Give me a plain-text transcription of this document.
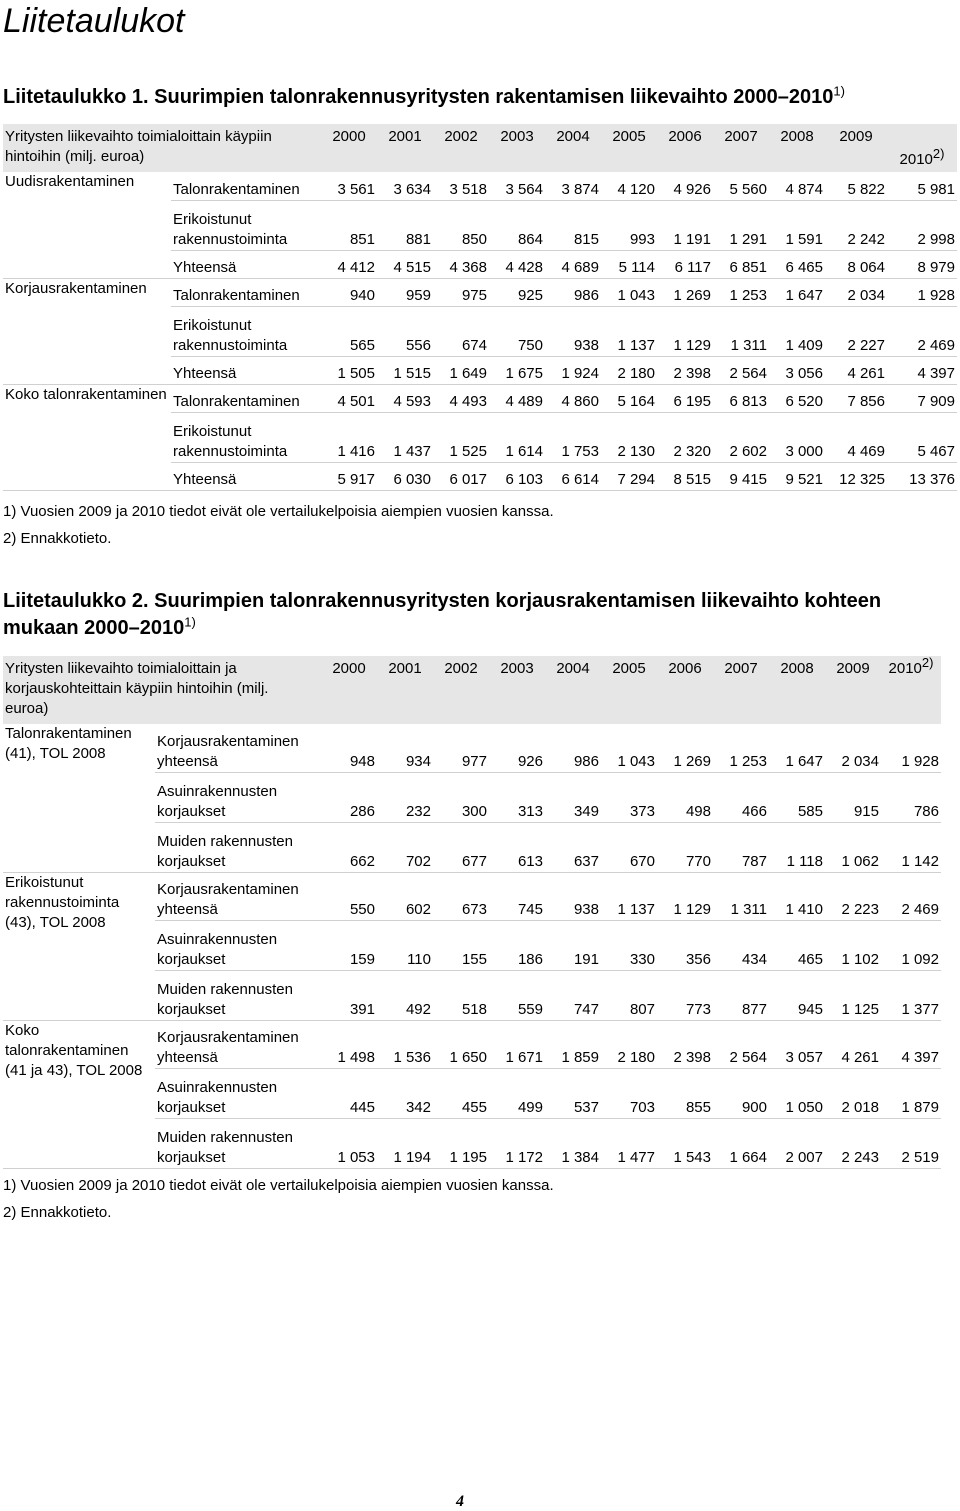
Liitetaulukot
Liitetaulukko 1. Suurimpien talonrakennusyritysten rakentamisen liikevaihto 2000–2010$^{1)}$
Yritysten liikevaihto toimialoittain käypiin hintoihin (milj. euroa)		2000	2001	2002	2003	2004	2005	2006	2007	2008	2009	20102)
Uudisrakentaminen	Talonrakentaminen	3 561	3 634	3 518	3 564	3 874	4 120	4 926	5 560	4 874	5 822	5 981
	Erikoistunut rakennustoiminta	851	881	850	864	815	993	1 191	1 291	1 591	2 242	2 998
	Yhteensä	4 412	4 515	4 368	4 428	4 689	5 114	6 117	6 851	6 465	8 064	8 979
Korjausrakentaminen	Talonrakentaminen	940	959	975	925	986	1 043	1 269	1 253	1 647	2 034	1 928
	Erikoistunut rakennustoiminta	565	556	674	750	938	1 137	1 129	1 311	1 409	2 227	2 469
	Yhteensä	1 505	1 515	1 649	1 675	1 924	2 180	2 398	2 564	3 056	4 261	4 397
Koko talonrakentaminen	Talonrakentaminen	4 501	4 593	4 493	4 489	4 860	5 164	6 195	6 813	6 520	7 856	7 909
	Erikoistunut rakennustoiminta	1 416	1 437	1 525	1 614	1 753	2 130	2 320	2 602	3 000	4 469	5 467
	Yhteensä	5 917	6 030	6 017	6 103	6 614	7 294	8 515	9 415	9 521	12 325	13 376

1) Vuosien 2009 ja 2010 tiedot eivät ole vertailukelpoisia aiempien vuosien kanssa.

2) Ennakkotieto.

Liitetaulukko 2. Suurimpien talonrakennusyritysten korjausrakentamisen liikevaihto kohteen
mukaan 2000–2010$^{1)}$
Yritysten liikevaihto toimialoittain ja korjauskohteittain käypiin hintoihin (milj. euroa)		2000	2001	2002	2003	2004	2005	2006	2007	2008	2009	20102)
Talonrakentaminen (41), TOL 2008	Korjausrakentaminen yhteensä	948	934	977	926	986	1 043	1 269	1 253	1 647	2 034	1 928
	Asuinrakennusten korjaukset	286	232	300	313	349	373	498	466	585	915	786
	Muiden rakennusten korjaukset	662	702	677	613	637	670	770	787	1 118	1 062	1 142
Erikoistunut rakennustoiminta (43), TOL 2008	Korjausrakentaminen yhteensä	550	602	673	745	938	1 137	1 129	1 311	1 410	2 223	2 469
	Asuinrakennusten korjaukset	159	110	155	186	191	330	356	434	465	1 102	1 092
	Muiden rakennusten korjaukset	391	492	518	559	747	807	773	877	945	1 125	1 377
Koko talonrakentaminen (41 ja 43), TOL 2008	Korjausrakentaminen yhteensä	1 498	1 536	1 650	1 671	1 859	2 180	2 398	2 564	3 057	4 261	4 397
	Asuinrakennusten korjaukset	445	342	455	499	537	703	855	900	1 050	2 018	1 879
	Muiden rakennusten korjaukset	1 053	1 194	1 195	1 172	1 384	1 477	1 543	1 664	2 007	2 243	2 519

1) Vuosien 2009 ja 2010 tiedot eivät ole vertailukelpoisia aiempien vuosien kanssa.

2) Ennakkotieto.

4
